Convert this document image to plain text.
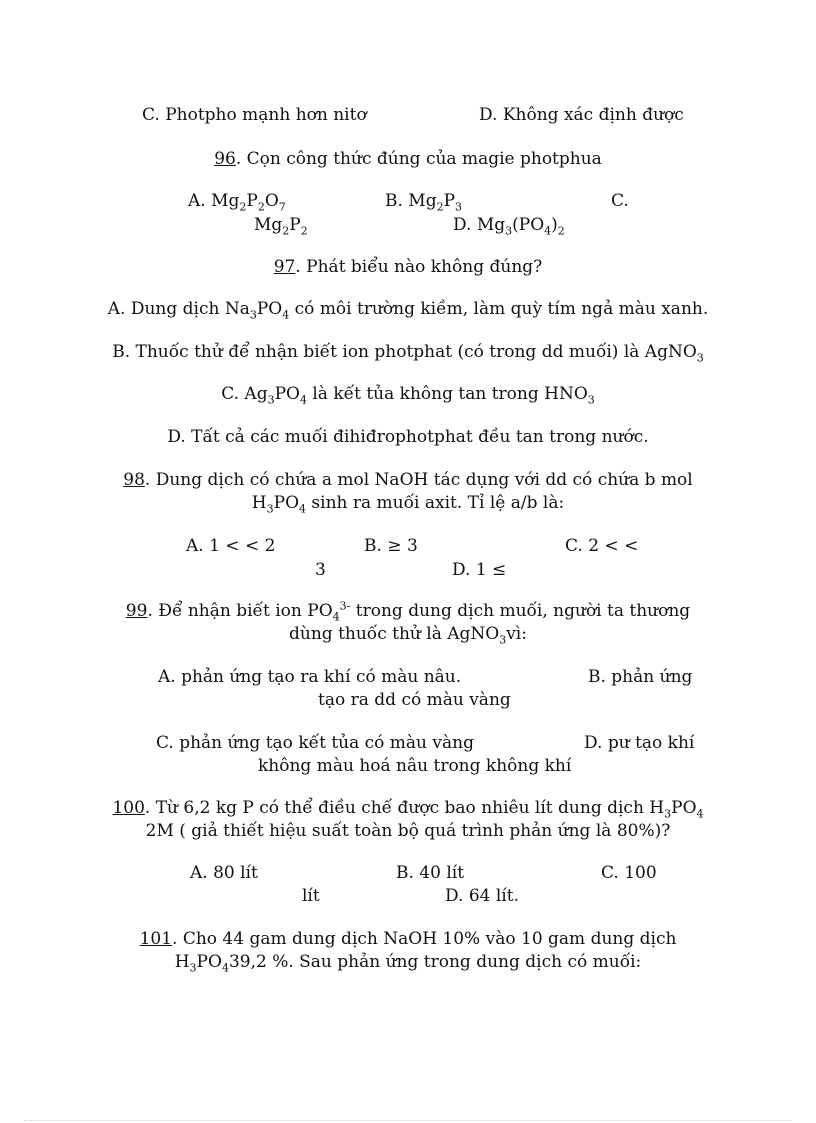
C. Photpho mạnh hơn nitơ	D. Không xác định được
96. Cọn công thức đúng của magie photphua
A. $Mg_2P_2O_7$	B. $Mg_2P_3$	C.
$Mg_2P_2$	D. $Mg_3(PO_4)_2$
97. Phát biểu nào không đúng?
A. Dung dịch $Na_3PO_4$ có môi trường kiềm, làm quỳ tím ngả màu xanh.
B. Thuốc thử để nhận biết ion photphat (có trong dd muối) là AgNO$_3$
C. $Ag_3PO_4$ là kết tủa không tan trong $HNO_3$
D. Tất cả các muối đihiđrophotphat đều tan trong nước.
98. Dung dịch có chứa a mol NaOH tác dụng với dd có chứa b mol
$H_3PO_4$ sinh ra muối axit. Tỉ lệ a/b là:
A. 1 < < 2	B. ≥ 3	C. 2 < <
3	D. 1 ≤
99. Để nhận biết ion $PO_4^{3-}$ trong dung dịch muối, người ta thương
dùng thuốc thử là AgNO$_3$vì:
A. phản ứng tạo ra khí có màu nâu.	B. phản ứng
tạo ra dd có màu vàng
C. phản ứng tạo kết tủa có màu vàng	D. pư tạo khí
không màu hoá nâu trong không khí
100. Từ 6,2 kg P có thể điều chế được bao nhiêu lít dung dịch $H_3PO_4$
2M ( giả thiết hiệu suất toàn bộ quá trình phản ứng là 80%)?
A. 80 lít	B. 40 lít	C. 100
lít	D. 64 lít.
101. Cho 44 gam dung dịch NaOH 10% vào 10 gam dung dịch
$H_3PO_439,2$ %. Sau phản ứng trong dung dịch có muối:
